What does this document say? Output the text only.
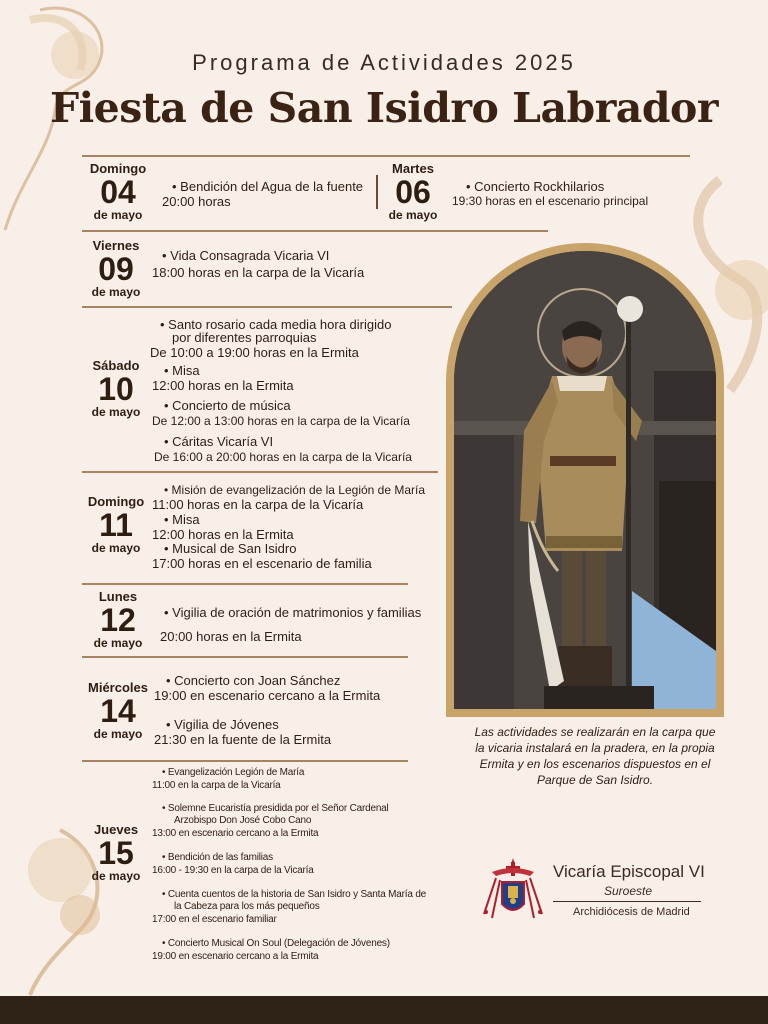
Programa de Actividades 2025
Fiesta de San Isidro Labrador
Domingo
04
de mayo
• Bendición del Agua de la fuente
20:00 horas
Martes
06
de mayo
• Concierto Rockhilarios
19:30 horas en el escenario principal
Viernes
09
de mayo
• Vida Consagrada Vicaria VI
18:00 horas en la carpa de la Vicaría
Sábado
10
de mayo
• Santo rosario cada media hora dirigido
por diferentes parroquias
De 10:00 a 19:00 horas en la Ermita
• Misa
12:00 horas en la Ermita
• Concierto de música
De 12:00 a 13:00 horas en la carpa de la Vicaría
• Cáritas Vicaría VI
De 16:00 a 20:00 horas en la carpa de la Vicaría
Domingo
11
de mayo
• Misión de evangelización de la Legión de María
11:00 horas en la carpa de la Vicaría
• Misa
12:00 horas en la Ermita
• Musical de San Isidro
17:00 horas en el escenario de familia
Lunes
12
de mayo
• Vigilia de oración de matrimonios y familias
20:00 horas en la Ermita
Miércoles
14
de mayo
• Concierto con Joan Sánchez
19:00 en escenario cercano a la Ermita
• Vigilia de Jóvenes
21:30 en la fuente de la Ermita
Jueves
15
de mayo
• Evangelización Legión de María
11:00 en la carpa de la Vicaría
• Solemne Eucaristía presidida por el Señor Cardenal
Arzobispo Don José Cobo Cano
13:00 en escenario cercano a la Ermita
• Bendición de las familias
16:00 - 19:30 en la carpa de la Vicaría
• Cuenta cuentos de la historia de San Isidro y Santa María de
la Cabeza para los más pequeños
17:00 en el escenario familiar
• Concierto Musical On Soul (Delegación de Jóvenes)
19:00 en escenario cercano a la Ermita
Las actividades se realizarán en la carpa que la vicaria instalará en la pradera, en la propia Ermita y en los escenarios dispuestos en el Parque de San Isidro.
Vicaría Episcopal VI
Suroeste
Archidiócesis de Madrid
